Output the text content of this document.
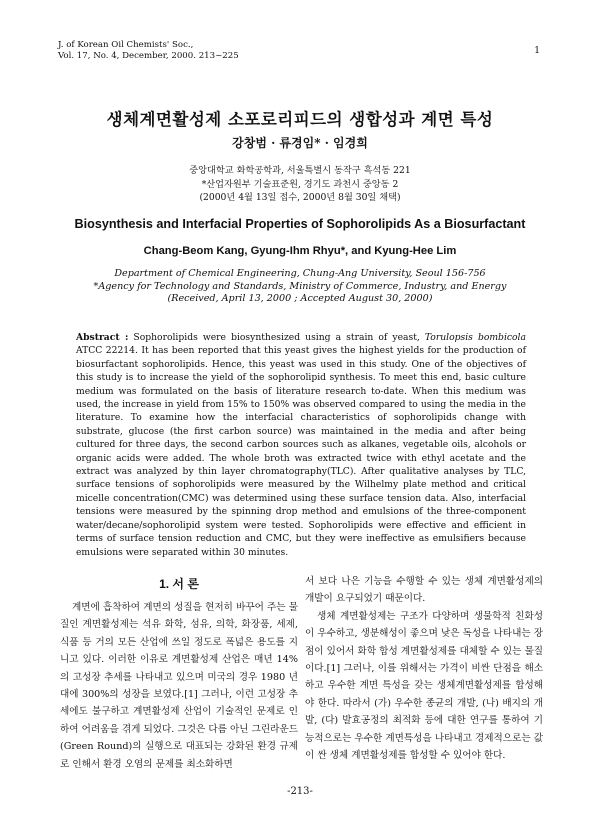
J. of Korean Oil Chemists' Soc.,
Vol. 17, No. 4, December, 2000. 213~225	1
생체계면활성제 소포로리피드의 생합성과 계면 특성
강창범 · 류경임* · 임경희
중앙대학교 화학공학과, 서울특별시 동작구 흑석동 221
*산업자원부 기술표준원, 경기도 과천시 중앙동 2
(2000년 4월 13일 접수, 2000년 8월 30일 채택)
Biosynthesis and Interfacial Properties of Sophorolipids As a Biosurfactant
Chang-Beom Kang, Gyung-Ihm Rhyu*, and Kyung-Hee Lim
Department of Chemical Engineering, Chung-Ang University, Seoul 156-756
*Agency for Technology and Standards, Ministry of Commerce, Industry, and Energy
(Received, April 13, 2000 ; Accepted August 30, 2000)
Abstract : Sophorolipids were biosynthesized using a strain of yeast, Torulopsis bombicola ATCC 22214. It has been reported that this yeast gives the highest yields for the production of biosurfactant sophorolipids. Hence, this yeast was used in this study. One of the objectives of this study is to increase the yield of the sophorolipid synthesis. To meet this end, basic culture medium was formulated on the basis of literature research to-date. When this medium was used, the increase in yield from 15% to 150% was observed compared to using the media in the literature. To examine how the interfacial characteristics of sophorolipids change with substrate, glucose (the first carbon source) was maintained in the media and after being cultured for three days, the second carbon sources such as alkanes, vegetable oils, alcohols or organic acids were added. The whole broth was extracted twice with ethyl acetate and the extract was analyzed by thin layer chromatography(TLC). After qualitative analyses by TLC, surface tensions of sophorolipids were measured by the Wilhelmy plate method and critical micelle concentration(CMC) was determined using these surface tension data. Also, interfacial tensions were measured by the spinning drop method and emulsions of the three-component water/decane/sophorolipid system were tested. Sophorolipids were effective and efficient in terms of surface tension reduction and CMC, but they were ineffective as emulsifiers because emulsions were separated within 30 minutes.
1. 서 론

계면에 흡착하여 계면의 성질을 현저히 바꾸어 주는 물질인 계면활성제는 석유 화학, 섬유, 의학, 화장품, 세제, 식품 등 거의 모든 산업에 쓰일 정도로 폭넓은 용도를 지니고 있다. 이러한 이유로 계면활성제 산업은 매년 14%의 고성장 추세를 나타내고 있으며 미국의 경우 1980 년대에 300%의 성장을 보였다.[1] 그러나, 이런 고성장 추세에도 불구하고 계면활성제 산업이 기술적인 문제로 인하여 어려움을 겪게 되었다. 그것은 다름 아닌 그린라운드(Green Round)의 실행으로 대표되는 강화된 환경 규제로 인해서 환경 오염의 문제를 최소화하면

서 보다 나은 기능을 수행할 수 있는 생체 계면활성제의 개발이 요구되었기 때문이다.

생체 계면활성제는 구조가 다양하며 생물학적 친화성이 우수하고, 생분해성이 좋으며 낮은 독성을 나타내는 장점이 있어서 화학 합성 계면활성제를 대체할 수 있는 물질이다.[1] 그러나, 이를 위해서는 가격이 비싼 단점을 해소하고 우수한 계면 특성을 갖는 생체계면활성제를 합성해야 한다. 따라서 (가) 우수한 종균의 개발, (나) 배지의 개발, (다) 발효공정의 최적화 등에 대한 연구를 통하여 기능적으로는 우수한 계면특성을 나타내고 경제적으로는 값이 싼 생체 계면활성제를 합성할 수 있어야 한다.

-213-
